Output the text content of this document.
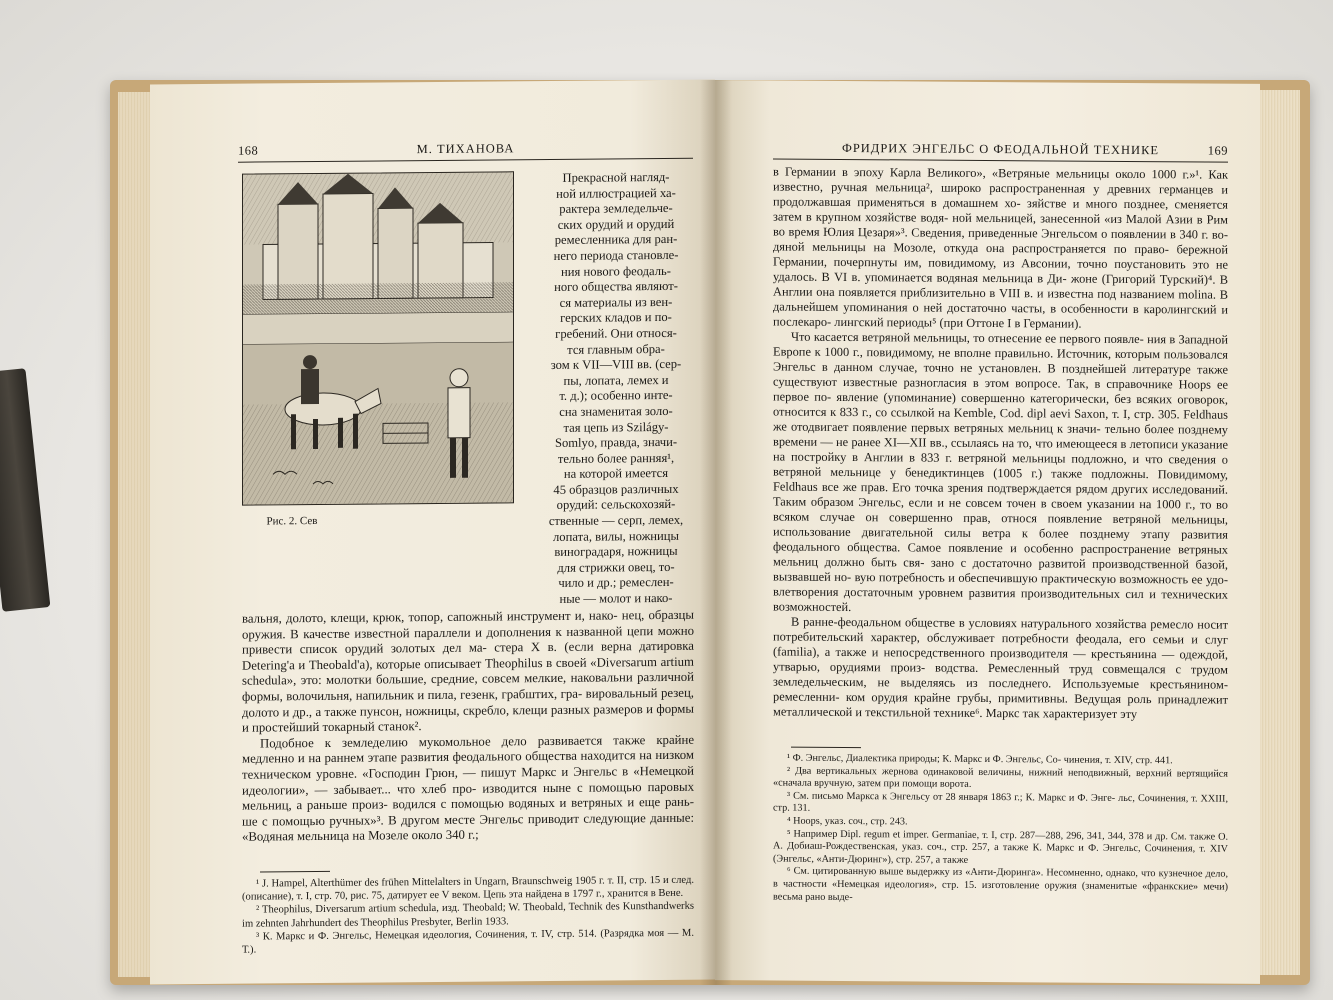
168	М. ТИХАНОВА
Рис. 2. Сев
Прекрасной нагляд-
ной иллюстрацией ха-
рактера земледельче-
ских орудий и орудий
ремесленника для ран-
него периода становле-
ния нового феодаль-
ного общества являют-
ся материалы из вен-
герских кладов и по-
гребений. Они относя-
тся главным обра-
зом к VII—VIII вв. (сер-
пы, лопата, лемех и
т. д.); особенно инте-
сна знаменитая золо-
тая цепь из Szilágy-
Somlyo, правда, значи-
тельно более ранняя¹,
на которой имеется
45 образцов различных
орудий: сельскохозяй-
ственные — серп, лемех,
лопата, вилы, ножницы
виноградаря, ножницы
для стрижки овец, то-
чило и др.; ремеслен-
ные — молот и нако-

вальня, долото, клещи, крюк, топор, сапожный инструмент и, нако- нец, образцы оружия. В качестве известной параллели и дополнения к названной цепи можно привести список орудий золотых дел ма- стера X в. (если верна датировка Detering'а и Theobald'а), которые описывает Theophilus в своей «Diversarum artium schedula», это: молотки большие, средние, совсем мелкие, наковальни различной формы, волочильня, напильник и пила, гезенк, грабштих, гра- вировальный резец, долото и др., а также пунсон, ножницы, скребло, клещи разных размеров и формы и простейший токарный станок².

Подобное к земледелию мукомольное дело развивается также крайне медленно и на раннем этапе развития феодального общества находится на низком техническом уровне. «Господин Грюн, — пишут Маркс и Энгельс в «Немецкой идеологии», — забывает... что хлеб про- изводится ныне с помощью паровых мельниц, а раньше произ- водился с помощью водяных и ветряных и еще рань- ше с помощью ручных»³. В другом месте Энгельс приводит следующие данные: «Водяная мельница на Мозеле около 340 г.;

¹ J. Hampel, Alterthümer des frühen Mittelalters in Ungarn, Braunschweig 1905 г. т. II, стр. 15 и след. (описание), т. I, стр. 70, рис. 75, датирует ее V веком. Цепь эта найдена в 1797 г., хранится в Вене.

² Theophilus, Diversarum artium schedula, изд. Theobald; W. Theobald, Technik des Kunsthandwerks im zehnten Jahrhundert des Theophilus Presbyter, Berlin 1933.

³ К. Маркс и Ф. Энгельс, Немецкая идеология, Сочинения, т. IV, стр. 514. (Разрядка моя — М. Т.).

ФРИДРИХ ЭНГЕЛЬС О ФЕОДАЛЬНОЙ ТЕХНИКЕ	169

в Германии в эпоху Карла Великого», «Ветряные мельницы около 1000 г.»¹. Как известно, ручная мельница², широко распространенная у древних германцев и продолжавшая применяться в домашнем хо- зяйстве и много позднее, сменяется затем в крупном хозяйстве водя- ной мельницей, занесенной «из Малой Азии в Рим во время Юлия Цезаря»³. Сведения, приведенные Энгельсом о появлении в 340 г. во- дяной мельницы на Мозоле, откуда она распространяется по право- бережной Германии, почерпнуты им, повидимому, из Авсонии, точно поустановить это не удалось. В VI в. упоминается водяная мельница в Ди- жоне (Григорий Турский)⁴. В Англии она появляется приблизительно в VIII в. и известна под названием molina. В дальнейшем упоминания о ней достаточно часты, в особенности в каролингский и послекаро- лингский периоды⁵ (при Оттоне I в Германии).

Что касается ветряной мельницы, то отнесение ее первого появле- ния в Западной Европе к 1000 г., повидимому, не вполне правильно. Источник, которым пользовался Энгельс в данном случае, точно не установлен. В позднейшей литературе также существуют известные разногласия в этом вопросе. Так, в справочнике Hoops ее первое по- явление (упоминание) совершенно категорически, без всяких оговорок, относится к 833 г., со ссылкой на Kemble, Cod. dipl aevi Saxon, т. I, стр. 305. Feldhaus же отодвигает появление первых ветряных мельниц к значи- тельно более позднему времени — не ранее XI—XII вв., ссылаясь на то, что имеющееся в летописи указание на постройку в Англии в 833 г. ветряной мельницы подложно, и что сведения о ветряной мельнице у бенедиктинцев (1005 г.) также подложны. Повидимому, Feldhaus все же прав. Его точка зрения подтверждается рядом других исследований. Таким образом Энгельс, если и не совсем точен в своем указании на 1000 г., то во всяком случае он совершенно прав, относя появление ветряной мельницы, использование двигательной силы ветра к более позднему этапу развития феодального общества. Самое появление и особенно распространение ветряных мельниц должно быть свя- зано с достаточно развитой производственной базой, вызвавшей но- вую потребность и обеспечившую практическую возможность ее удо- влетворения достаточным уровнем развития производительных сил и технических возможностей.

В ранне-феодальном обществе в условиях натурального хозяйства ремесло носит потребительский характер, обслуживает потребности феодала, его семьи и слуг (familia), а также и непосредственного производителя — крестьянина — одеждой, утварью, орудиями произ- водства. Ремесленный труд совмещался с трудом земледельческим, не выделяясь из последнего. Используемые крестьянином-ремесленни- ком орудия крайне грубы, примитивны. Ведущая роль принадлежит металлической и текстильной технике⁶. Маркс так характеризует эту

¹ Ф. Энгельс, Диалектика природы; К. Маркс и Ф. Энгельс, Со- чинения, т. XIV, стр. 441.

² Два вертикальных жернова одинаковой величины, нижний неподвижный, верхний вертящийся «сначала вручную, затем при помощи ворота.

³ См. письмо Маркса к Энгельсу от 28 января 1863 г.; К. Маркс и Ф. Энге- льс, Сочинения, т. XXIII, стр. 131.

⁴ Hoops, указ. соч., стр. 243.

⁵ Например Dipl. regum et imper. Germaniae, т. I, стр. 287—288, 296, 341, 344, 378 и др. См. также О. А. Добиаш-Рождественская, указ. соч., стр. 257, а также К. Маркс и Ф. Энгельс, Сочинения, т. XIV (Энгельс, «Анти-Дюринг»), стр. 257, а также

⁶ См. цитированную выше выдержку из «Анти-Дюринга». Несомненно, однако, что кузнечное дело, в частности «Немецкая идеология», стр. 15. изготовление оружия (знаменитые «франкские» мечи) весьма рано выде-
